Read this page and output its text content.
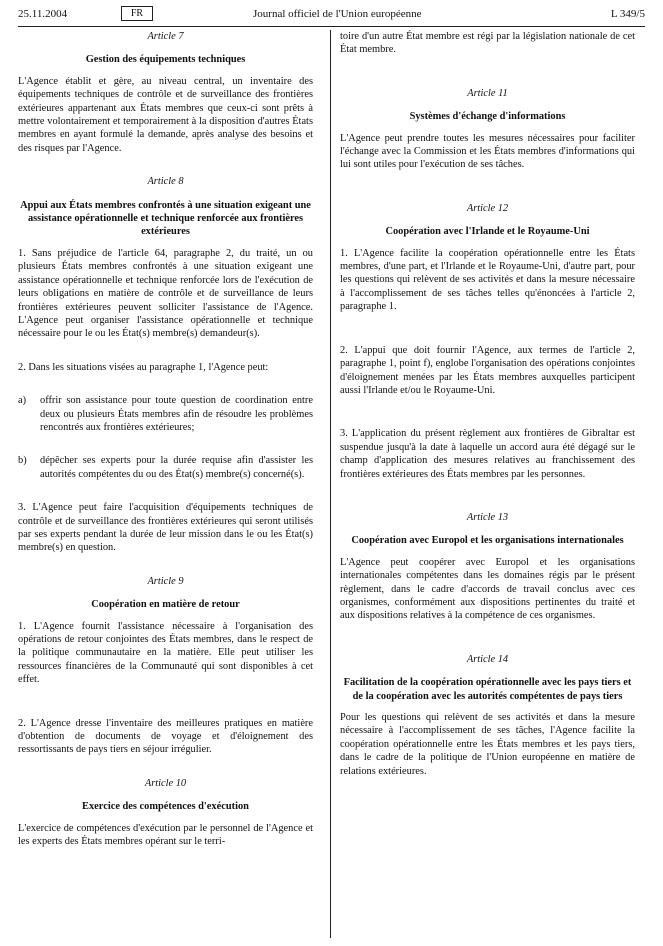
25.11.2004	FR	Journal officiel de l'Union européenne	L 349/5
Article 7
Gestion des équipements techniques

L'Agence établit et gère, au niveau central, un inventaire des équipements techniques de contrôle et de surveillance des frontières extérieures appartenant aux États membres que ceux-ci sont prêts à mettre volontairement et temporairement à la disposition d'autres États membres en ayant formulé la demande, après analyse des besoins et des risques par l'Agence.

Article 8
Appui aux États membres confrontés à une situation exigeant une assistance opérationnelle et technique renforcée aux frontières extérieures

1. Sans préjudice de l'article 64, paragraphe 2, du traité, un ou plusieurs États membres confrontés à une situation exigeant une assistance opérationnelle et technique renforcée lors de l'exécution de leurs obligations en matière de contrôle et de surveillance de leurs frontières extérieures peuvent solliciter l'assistance de l'Agence. L'Agence peut organiser l'assistance opérationnelle et technique nécessaire pour le ou les État(s) membre(s) demandeur(s).

2. Dans les situations visées au paragraphe 1, l'Agence peut:

a)	offrir son assistance pour toute question de coordination entre deux ou plusieurs États membres afin de résoudre les problèmes rencontrés aux frontières extérieures;
b)	dépêcher ses experts pour la durée requise afin d'assister les autorités compétentes du ou des État(s) membre(s) concerné(s).

3. L'Agence peut faire l'acquisition d'équipements techniques de contrôle et de surveillance des frontières extérieures qui seront utilisés par ses experts pendant la durée de leur mission dans le ou les État(s) membre(s) en question.

Article 9
Coopération en matière de retour

1. L'Agence fournit l'assistance nécessaire à l'organisation des opérations de retour conjointes des États membres, dans le respect de la politique communautaire en la matière. Elle peut utiliser les ressources financières de la Communauté qui sont disponibles à cet effet.

2. L'Agence dresse l'inventaire des meilleures pratiques en matière d'obtention de documents de voyage et d'éloignement des ressortissants de pays tiers en séjour irrégulier.

Article 10
Exercice des compétences d'exécution

L'exercice de compétences d'exécution par le personnel de l'Agence et les experts des États membres opérant sur le terri-

toire d'un autre État membre est régi par la législation nationale de cet État membre.

Article 11
Systèmes d'échange d'informations

L'Agence peut prendre toutes les mesures nécessaires pour faciliter l'échange avec la Commission et les États membres d'informations qui lui sont utiles pour l'exécution de ses tâches.

Article 12
Coopération avec l'Irlande et le Royaume-Uni

1. L'Agence facilite la coopération opérationnelle entre les États membres, d'une part, et l'Irlande et le Royaume-Uni, d'autre part, pour les questions qui relèvent de ses activités et dans la mesure nécessaire à l'accomplissement de ses tâches telles qu'énoncées à l'article 2, paragraphe 1.

2. L'appui que doit fournir l'Agence, aux termes de l'article 2, paragraphe 1, point f), englobe l'organisation des opérations conjointes d'éloignement menées par les États membres auxquelles participent aussi l'Irlande et/ou le Royaume-Uni.

3. L'application du présent règlement aux frontières de Gibraltar est suspendue jusqu'à la date à laquelle un accord aura été dégagé sur le champ d'application des mesures relatives au franchissement des frontières extérieures des États membres par les personnes.

Article 13
Coopération avec Europol et les organisations internationales

L'Agence peut coopérer avec Europol et les organisations internationales compétentes dans les domaines régis par le présent règlement, dans le cadre d'accords de travail conclus avec ces organismes, conformément aux dispositions pertinentes du traité et aux dispositions relatives à la compétence de ces organismes.

Article 14
Facilitation de la coopération opérationnelle avec les pays tiers et de la coopération avec les autorités compétentes de pays tiers

Pour les questions qui relèvent de ses activités et dans la mesure nécessaire à l'accomplissement de ses tâches, l'Agence facilite la coopération opérationnelle entre les États membres et les pays tiers, dans le cadre de la politique de l'Union européenne en matière de relations extérieures.
